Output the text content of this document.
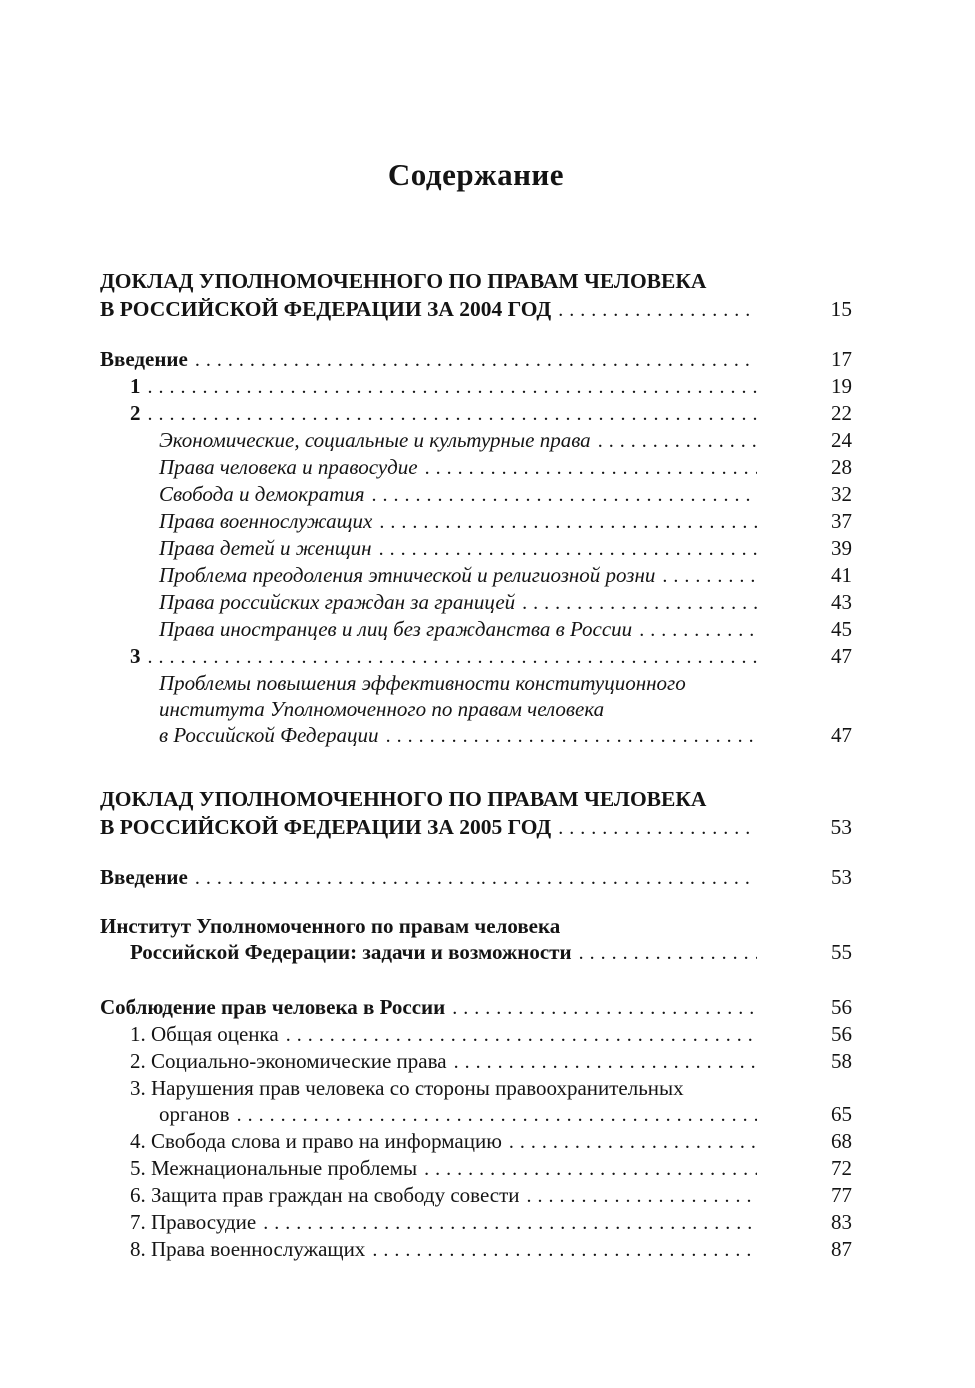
Содержание
ДОКЛАД УПОЛНОМОЧЕННОГО ПО ПРАВАМ ЧЕЛОВЕКА
В РОССИЙСКОЙ ФЕДЕРАЦИИ ЗА 2004 ГОД .....	15
Введение .....	17
1 .....	19
2 .....	22
Экономические, социальные и культурные права .....	24
Права человека и правосудие .....	28
Свобода и демократия .....	32
Права военнослужащих .....	37
Права детей и женщин .....	39
Проблема преодоления этнической и религиозной розни .....	41
Права российских граждан за границей .....	43
Права иностранцев и лиц без гражданства в России .....	45
3 .....	47
Проблемы повышения эффективности конституционного
института Уполномоченного по правам человека
в Российской Федерации .....	47
ДОКЛАД УПОЛНОМОЧЕННОГО ПО ПРАВАМ ЧЕЛОВЕКА
В РОССИЙСКОЙ ФЕДЕРАЦИИ ЗА 2005 ГОД .....	53
Введение .....	53
Институт Уполномоченного по правам человека
Российской Федерации: задачи и возможности .....	55
Соблюдение прав человека в России .....	56
1. Общая оценка .....	56
2. Социально-экономические права .....	58
3. Нарушения прав человека со стороны правоохранительных
органов .....	65
4. Свобода слова и право на информацию .....	68
5. Межнациональные проблемы .....	72
6. Защита прав граждан на свободу совести .....	77
7. Правосудие .....	83
8. Права военнослужащих .....	87
